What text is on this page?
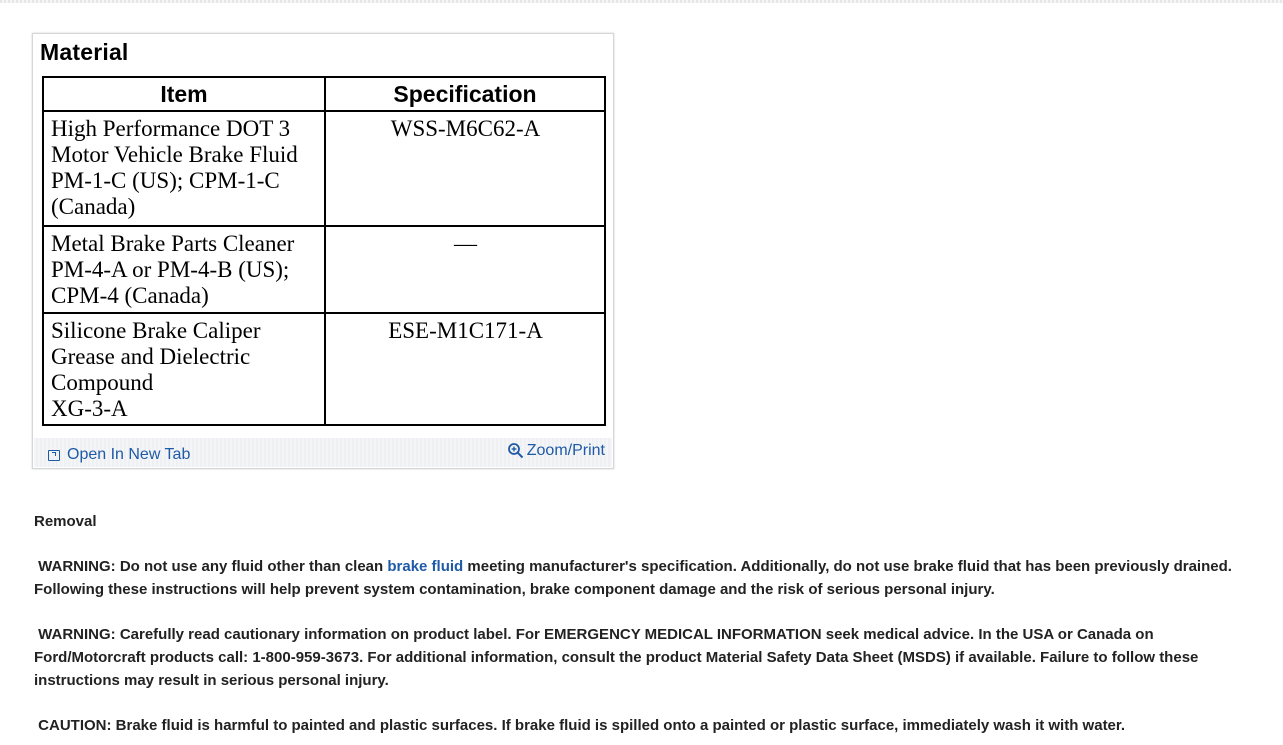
Material
Item	Specification
High Performance DOT 3
Motor Vehicle Brake Fluid
PM-1-C (US); CPM-1-C
(Canada)	WSS-M6C62-A
Metal Brake Parts Cleaner
PM-4-A or PM-4-B (US);
CPM-4 (Canada)	—
Silicone Brake Caliper
Grease and Dielectric
Compound
XG-3-A	ESE-M1C171-A
Open In New Tab	Zoom/Print
Removal
WARNING: Do not use any fluid other than clean brake fluid meeting manufacturer's specification. Additionally, do not use brake fluid that has been previously drained. Following these instructions will help prevent system contamination, brake component damage and the risk of serious personal injury.
WARNING: Carefully read cautionary information on product label. For EMERGENCY MEDICAL INFORMATION seek medical advice. In the USA or Canada on Ford/Motorcraft products call: 1-800-959-3673. For additional information, consult the product Material Safety Data Sheet (MSDS) if available. Failure to follow these instructions may result in serious personal injury.
CAUTION: Brake fluid is harmful to painted and plastic surfaces. If brake fluid is spilled onto a painted or plastic surface, immediately wash it with water.
